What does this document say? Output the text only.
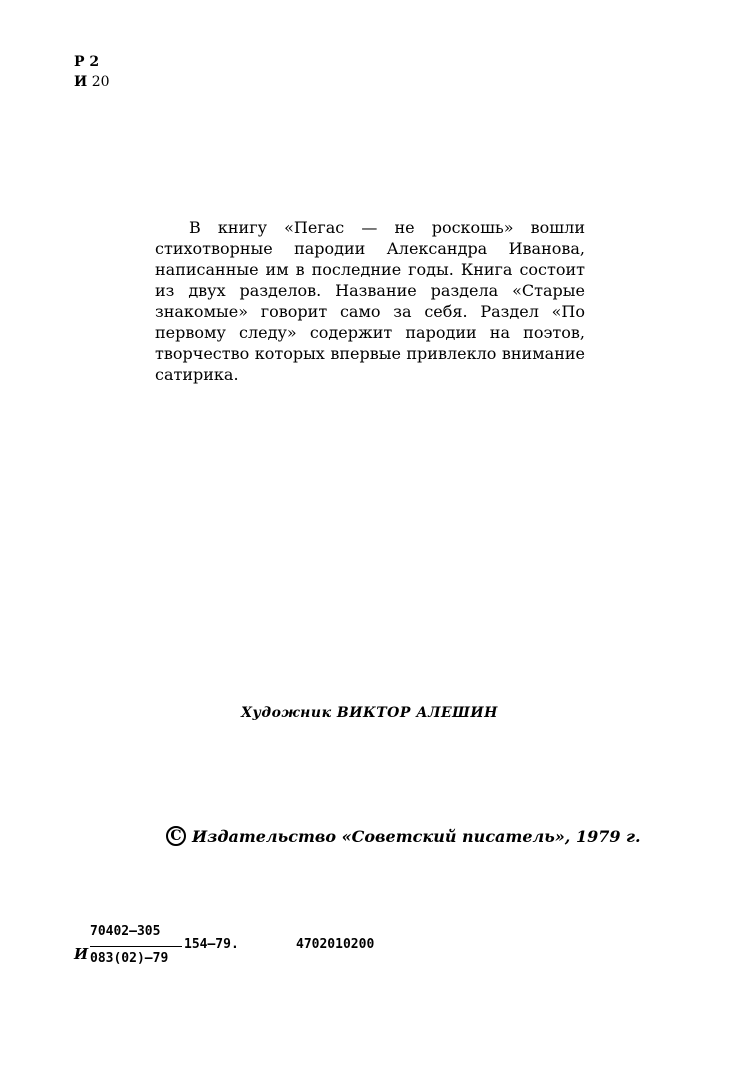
Р 2
И 20

В книгу «Пегас — не роскошь» вошли стихотворные пародии Александра Иванова, написанные им в последние годы. Книга состоит из двух разделов. Название раздела «Старые знакомые» говорит само за себя. Раздел «По первому следу» содержит пародии на поэтов, творчество которых впервые привлекло внимание сатирика.

Художник ВИКТОР АЛЕШИН
C Издательство «Советский писатель», 1979 г.
И
70402—305
154—79.
083(02)—79
4702010200
